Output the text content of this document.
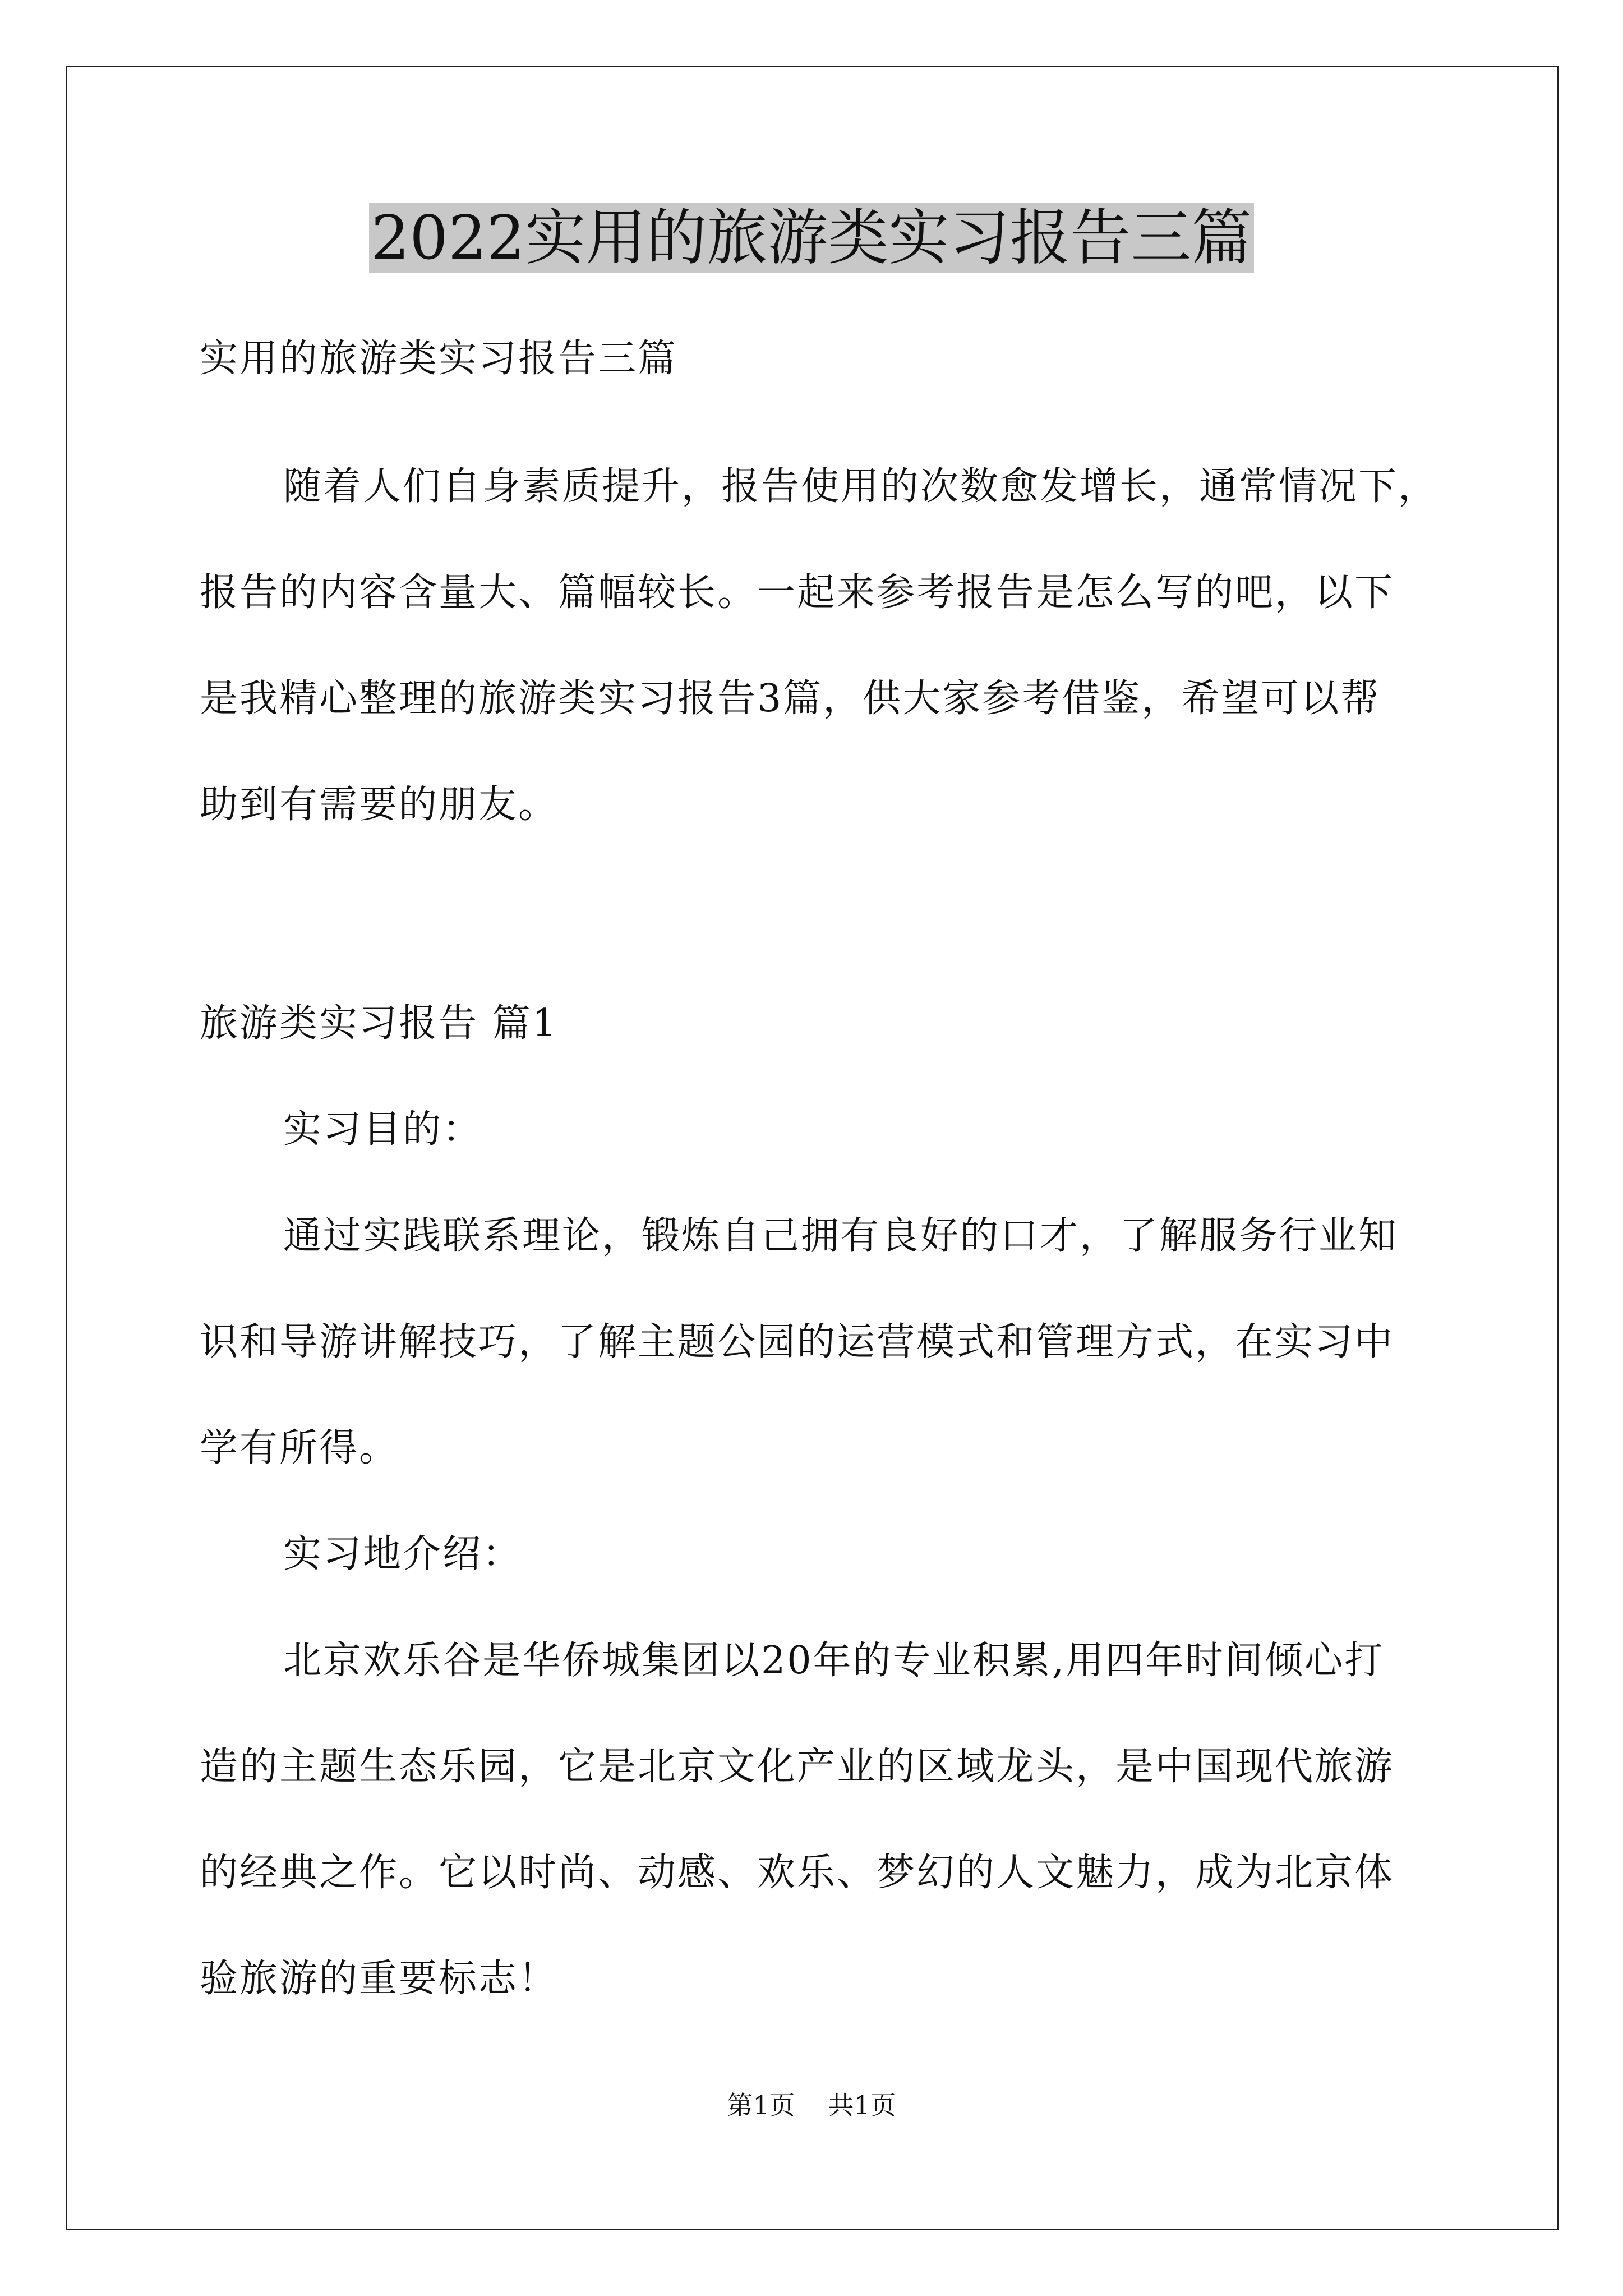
2022实用的旅游类实习报告三篇
实用的旅游类实习报告三篇
随着人们自身素质提升，报告使用的次数愈发增长，通常情况下，
报告的内容含量大、篇幅较长。一起来参考报告是怎么写的吧，以下
是我精心整理的旅游类实习报告3篇，供大家参考借鉴，希望可以帮
助到有需要的朋友。
旅游类实习报告 篇1
实习目的：
通过实践联系理论，锻炼自己拥有良好的口才，了解服务行业知
识和导游讲解技巧，了解主题公园的运营模式和管理方式，在实习中
学有所得。
实习地介绍：
北京欢乐谷是华侨城集团以20年的专业积累,用四年时间倾心打
造的主题生态乐园，它是北京文化产业的区域龙头，是中国现代旅游
的经典之作。它以时尚、动感、欢乐、梦幻的人文魅力，成为北京体
验旅游的重要标志！
第1页 共1页
